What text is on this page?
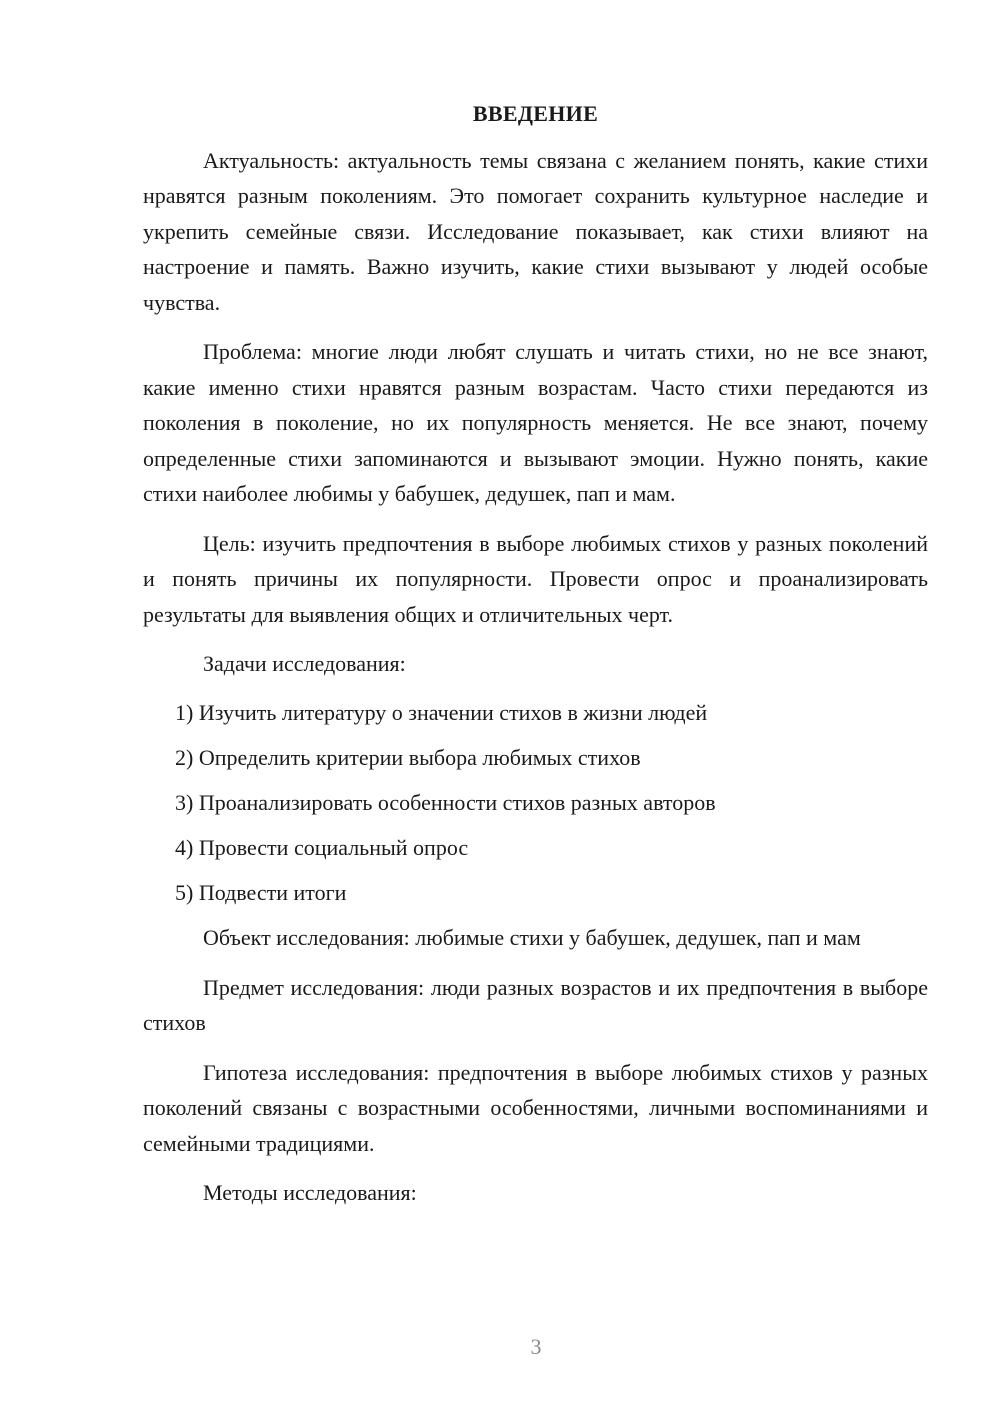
ВВЕДЕНИЕ

Актуальность: актуальность темы связана с желанием понять, какие стихи нравятся разным поколениям. Это помогает сохранить культурное наследие и укрепить семейные связи. Исследование показывает, как стихи влияют на настроение и память. Важно изучить, какие стихи вызывают у людей особые чувства.

Проблема: многие люди любят слушать и читать стихи, но не все знают, какие именно стихи нравятся разным возрастам. Часто стихи передаются из поколения в поколение, но их популярность меняется. Не все знают, почему определенные стихи запоминаются и вызывают эмоции. Нужно понять, какие стихи наиболее любимы у бабушек, дедушек, пап и мам.

Цель: изучить предпочтения в выборе любимых стихов у разных поколений и понять причины их популярности. Провести опрос и проанализировать результаты для выявления общих и отличительных черт.

Задачи исследования:

1) Изучить литературу о значении стихов в жизни людей
2) Определить критерии выбора любимых стихов
3) Проанализировать особенности стихов разных авторов
4) Провести социальный опрос
5) Подвести итоги

Объект исследования: любимые стихи у бабушек, дедушек, пап и мам

Предмет исследования: люди разных возрастов и их предпочтения в выборе стихов

Гипотеза исследования: предпочтения в выборе любимых стихов у разных поколений связаны с возрастными особенностями, личными воспоминаниями и семейными традициями.

Методы исследования:

3
